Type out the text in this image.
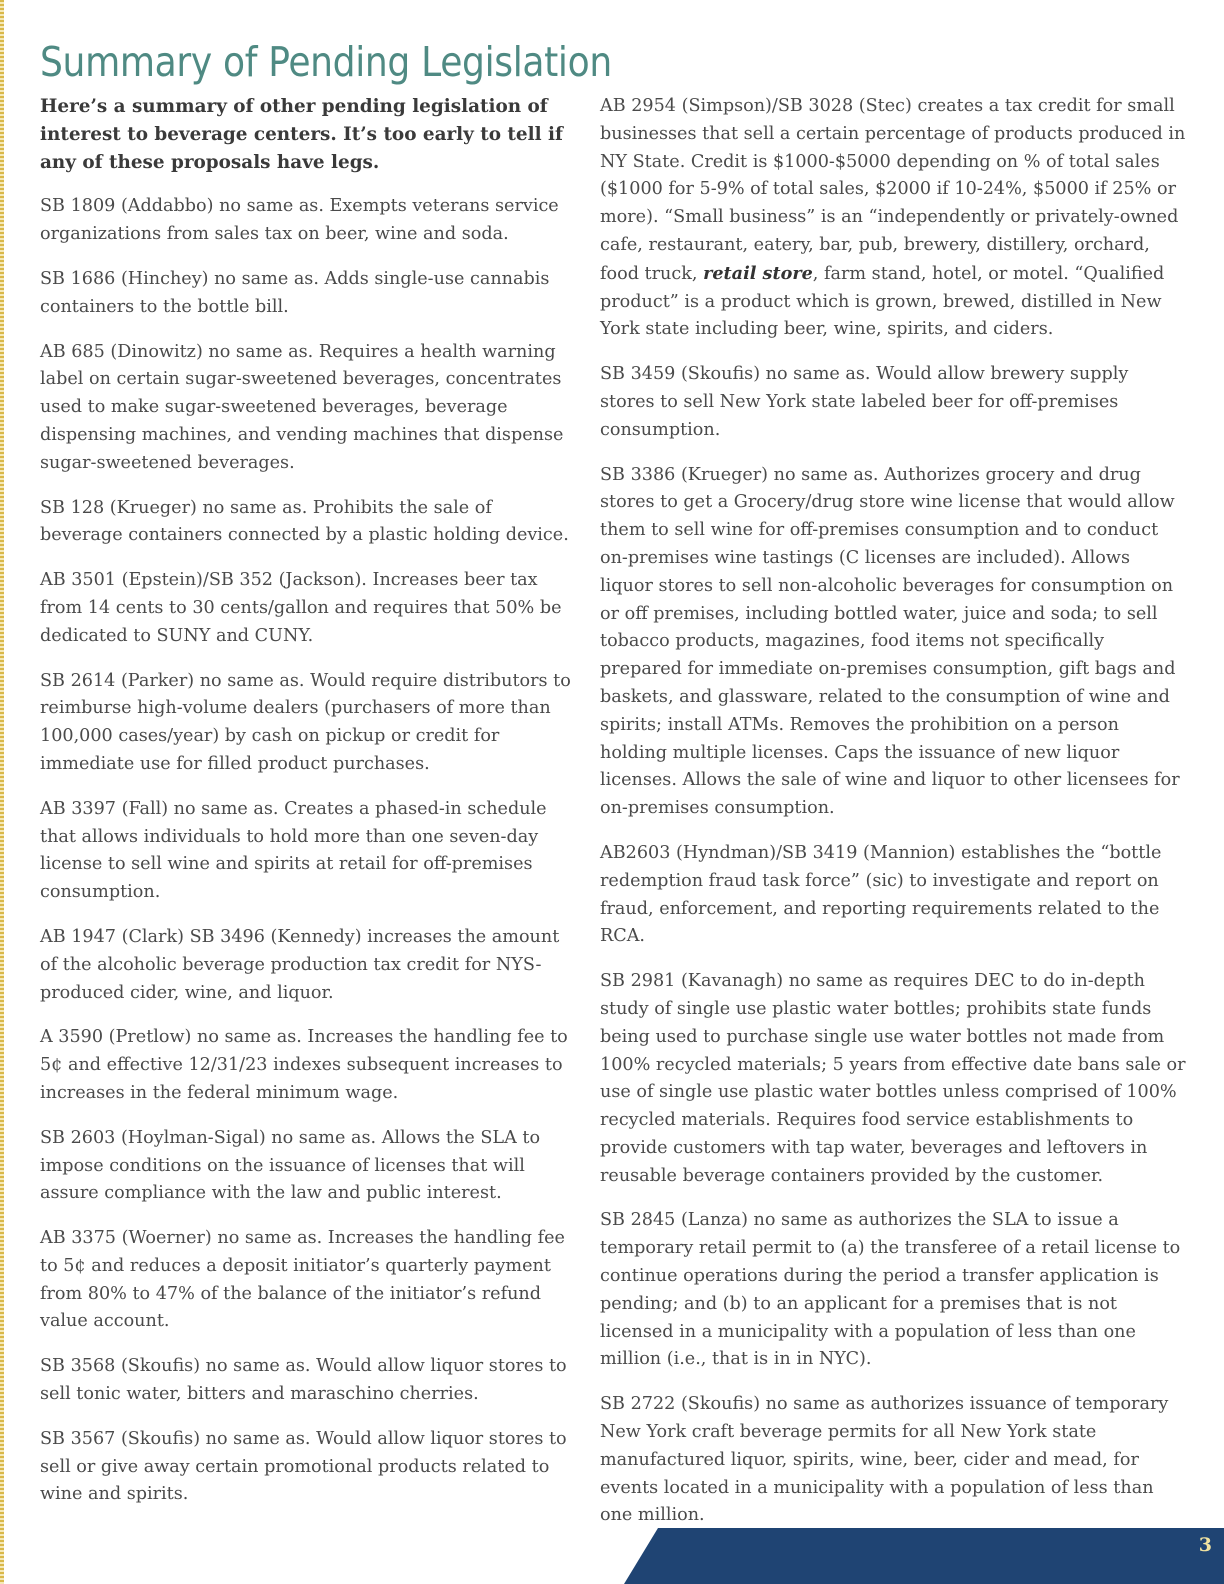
Summary of Pending Legislation

Here’s a summary of other pending legislation of interest to beverage centers. It’s too early to tell if any of these proposals have legs.

SB 1809 (Addabbo) no same as. Exempts veterans service organizations from sales tax on beer, wine and soda.

SB 1686 (Hinchey) no same as. Adds single-use cannabis containers to the bottle bill.

AB 685 (Dinowitz) no same as. Requires a health warning label on certain sugar-sweetened beverages, concentrates used to make sugar-sweetened beverages, beverage dispensing machines, and vending machines that dispense sugar-sweetened beverages.

SB 128 (Krueger) no same as. Prohibits the sale of beverage containers connected by a plastic holding device.

AB 3501 (Epstein)/SB 352 (Jackson). Increases beer tax from 14 cents to 30 cents/gallon and requires that 50% be dedicated to SUNY and CUNY.

SB 2614 (Parker) no same as. Would require distributors to reimburse high-volume dealers (purchasers of more than 100,000 cases/year) by cash on pickup or credit for immediate use for filled product purchases.

AB 3397 (Fall) no same as. Creates a phased-in schedule that allows individuals to hold more than one seven-day license to sell wine and spirits at retail for off-premises consumption.

AB 1947 (Clark) SB 3496 (Kennedy) increases the amount of the alcoholic beverage production tax credit for NYS-produced cider, wine, and liquor.

A 3590 (Pretlow) no same as. Increases the handling fee to 5¢ and effective 12/31/23 indexes subsequent increases to increases in the federal minimum wage.

SB 2603 (Hoylman-Sigal) no same as. Allows the SLA to impose conditions on the issuance of licenses that will assure compliance with the law and public interest.

AB 3375 (Woerner) no same as. Increases the handling fee to 5¢ and reduces a deposit initiator’s quarterly payment from 80% to 47% of the balance of the initiator’s refund value account.

SB 3568 (Skoufis) no same as. Would allow liquor stores to sell tonic water, bitters and maraschino cherries.

SB 3567 (Skoufis) no same as. Would allow liquor stores to sell or give away certain promotional products related to wine and spirits.

AB 2954 (Simpson)/SB 3028 (Stec) creates a tax credit for small businesses that sell a certain percentage of products produced in NY State. Credit is $1000-$5000 depending on % of total sales ($1000 for 5-9% of total sales, $2000 if 10-24%, $5000 if 25% or more). “Small business” is an “independently or privately-owned cafe, restaurant, eatery, bar, pub, brewery, distillery, orchard, food truck, retail store, farm stand, hotel, or motel. “Qualified product” is a product which is grown, brewed, distilled in New York state including beer, wine, spirits, and ciders.

SB 3459 (Skoufis) no same as. Would allow brewery supply stores to sell New York state labeled beer for off-premises consumption.

SB 3386 (Krueger) no same as. Authorizes grocery and drug stores to get a Grocery/drug store wine license that would allow them to sell wine for off-premises consumption and to conduct on-premises wine tastings (C licenses are included). Allows liquor stores to sell non-alcoholic beverages for consumption on or off premises, including bottled water, juice and soda; to sell tobacco products, magazines, food items not specifically prepared for immediate on-premises consumption, gift bags and baskets, and glassware, related to the consumption of wine and spirits; install ATMs. Removes the prohibition on a person holding multiple licenses. Caps the issuance of new liquor licenses. Allows the sale of wine and liquor to other licensees for on-premises consumption.

AB2603 (Hyndman)/SB 3419 (Mannion) establishes the “bottle redemption fraud task force” (sic) to investigate and report on fraud, enforcement, and reporting requirements related to the RCA.

SB 2981 (Kavanagh) no same as requires DEC to do in-depth study of single use plastic water bottles; prohibits state funds being used to purchase single use water bottles not made from 100% recycled materials; 5 years from effective date bans sale or use of single use plastic water bottles unless comprised of 100% recycled materials. Requires food service establishments to provide customers with tap water, beverages and leftovers in reusable beverage containers provided by the customer.

SB 2845 (Lanza) no same as authorizes the SLA to issue a temporary retail permit to (a) the transferee of a retail license to continue operations during the period a transfer application is pending; and (b) to an applicant for a premises that is not licensed in a municipality with a population of less than one million (i.e., that is in in NYC).

SB 2722 (Skoufis) no same as authorizes issuance of temporary New York craft beverage permits for all New York state manufactured liquor, spirits, wine, beer, cider and mead, for events located in a municipality with a population of less than one million.

3
